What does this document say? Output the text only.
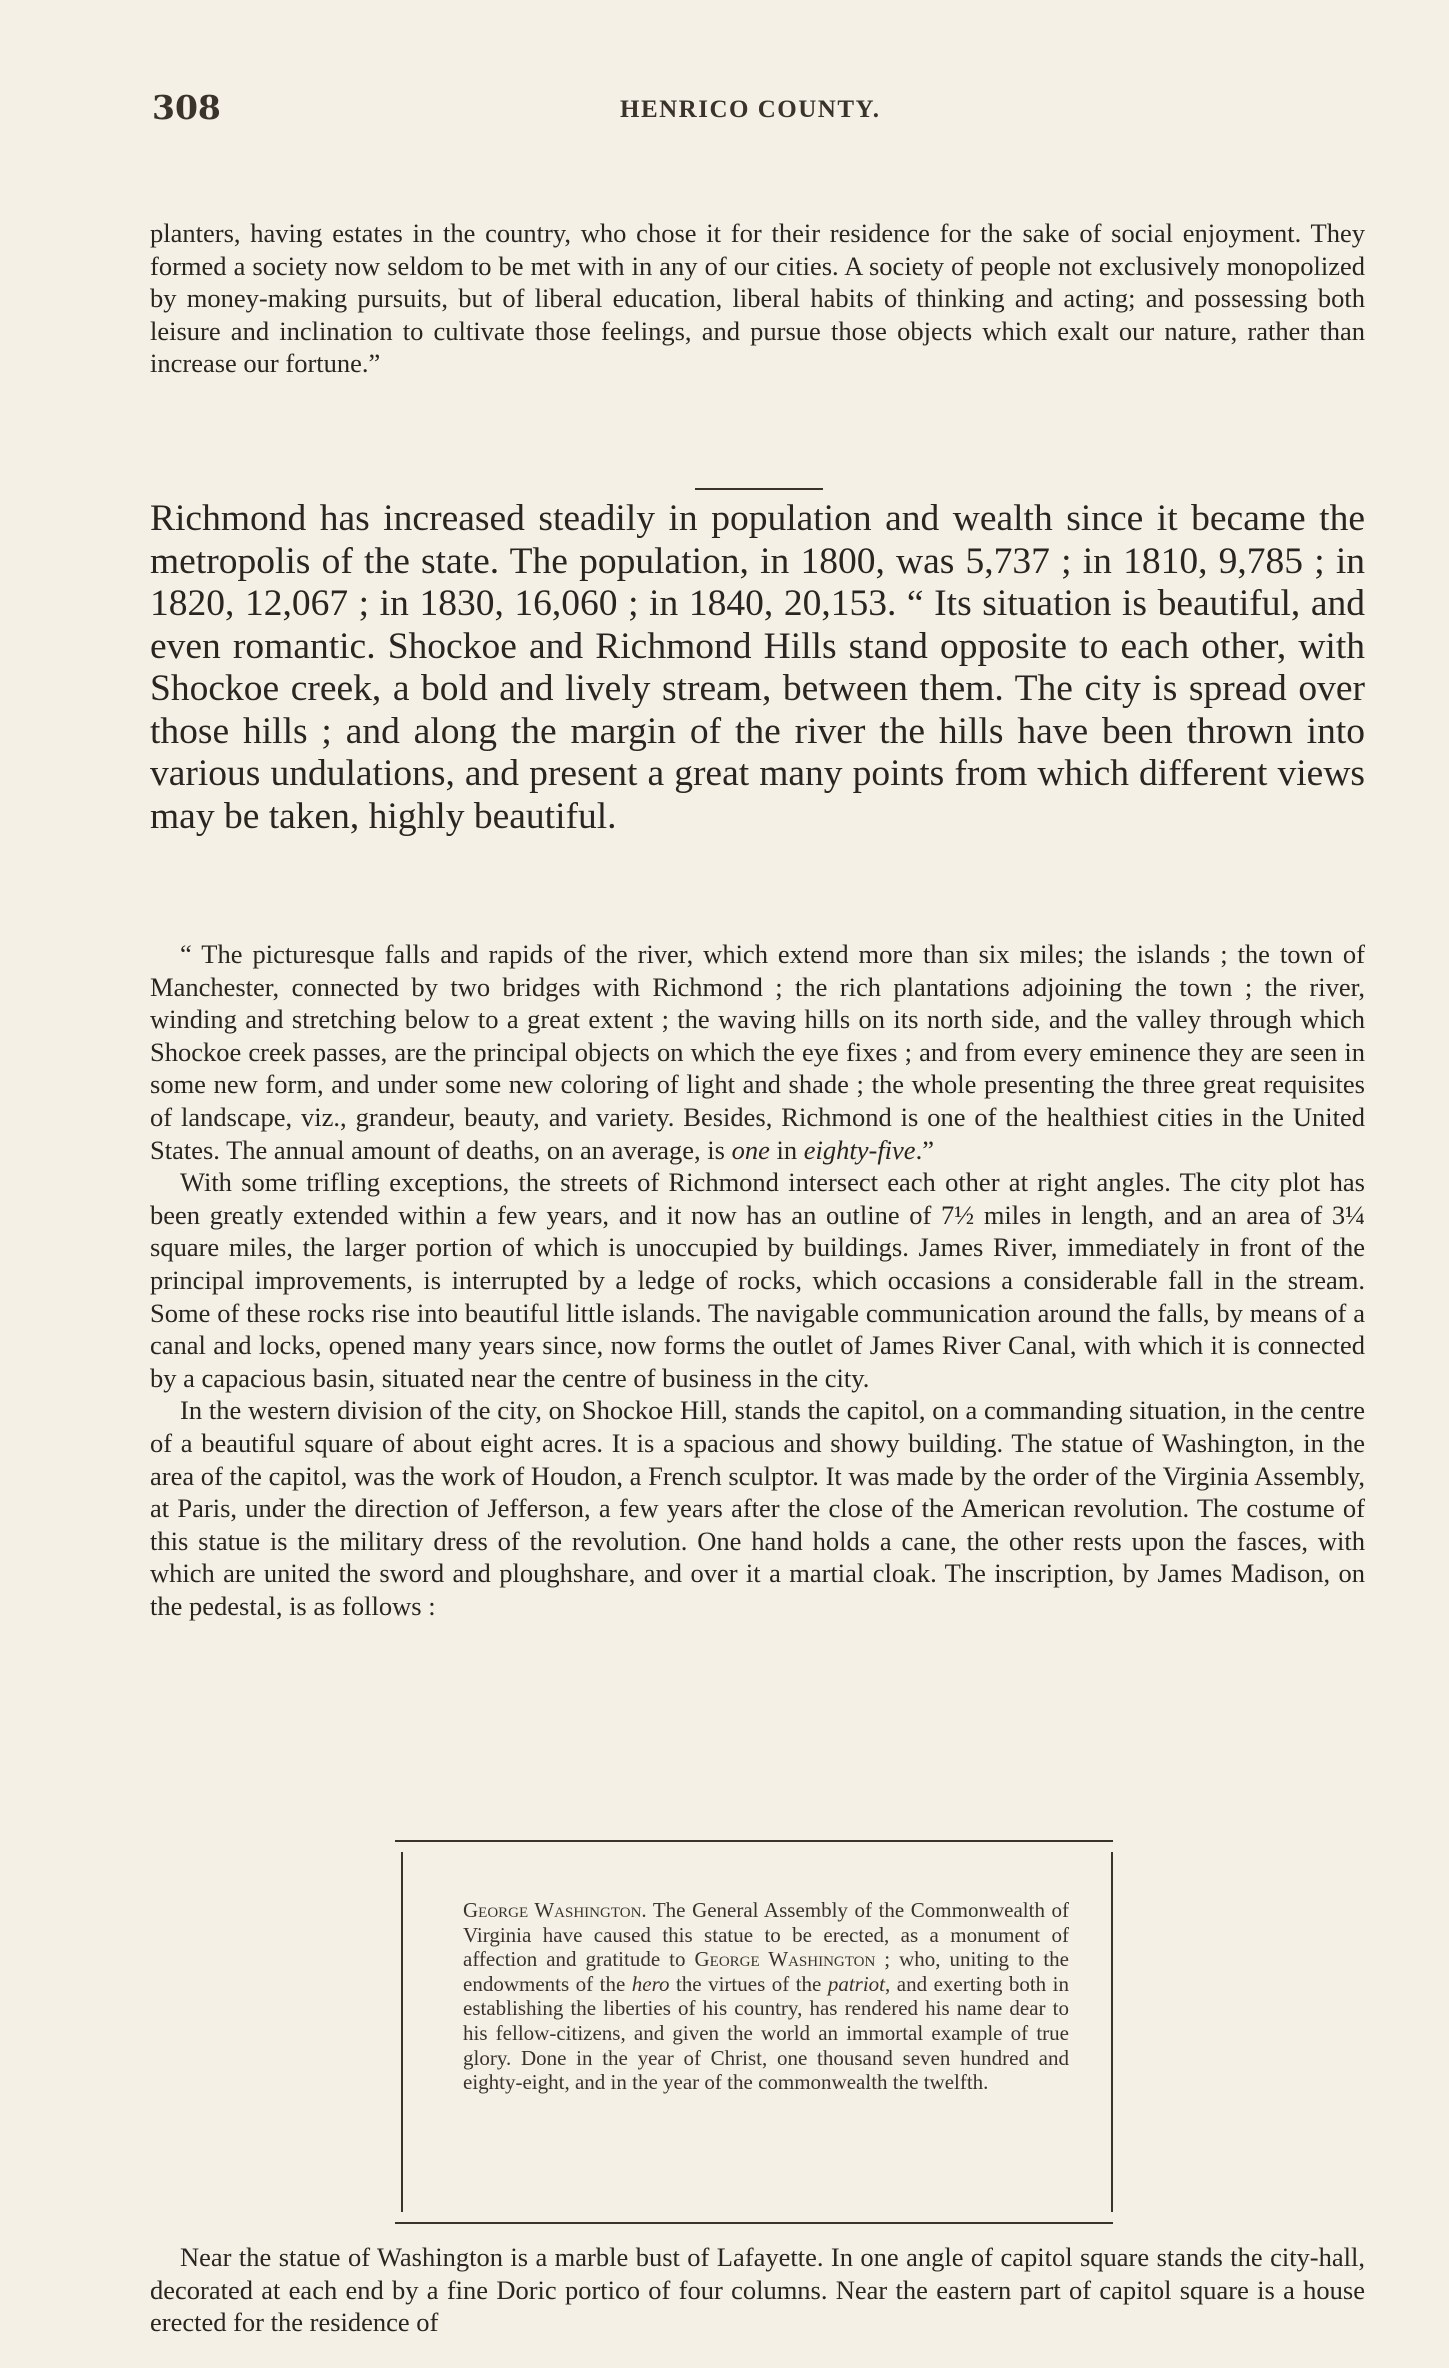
308	HENRICO COUNTY.

planters, having estates in the country, who chose it for their residence for the sake of social enjoyment. They formed a society now seldom to be met with in any of our cities. A society of people not exclusively monopolized by money-making pursuits, but of liberal education, liberal habits of thinking and acting; and possessing both leisure and inclination to cultivate those feelings, and pursue those objects which exalt our nature, rather than increase our fortune.”

Richmond has increased steadily in population and wealth since it became the metropolis of the state. The population, in 1800, was 5,737 ; in 1810, 9,785 ; in 1820, 12,067 ; in 1830, 16,060 ; in 1840, 20,153. “ Its situation is beautiful, and even romantic. Shockoe and Richmond Hills stand opposite to each other, with Shockoe creek, a bold and lively stream, between them. The city is spread over those hills ; and along the margin of the river the hills have been thrown into various undulations, and present a great many points from which different views may be taken, highly beautiful.

“ The picturesque falls and rapids of the river, which extend more than six miles; the islands ; the town of Manchester, connected by two bridges with Richmond ; the rich plantations adjoining the town ; the river, winding and stretching below to a great extent ; the waving hills on its north side, and the valley through which Shockoe creek passes, are the principal objects on which the eye fixes ; and from every eminence they are seen in some new form, and under some new coloring of light and shade ; the whole presenting the three great requisites of landscape, viz., grandeur, beauty, and variety. Besides, Richmond is one of the healthiest cities in the United States. The annual amount of deaths, on an average, is one in eighty-five.”

With some trifling exceptions, the streets of Richmond intersect each other at right angles. The city plot has been greatly extended within a few years, and it now has an outline of 7½ miles in length, and an area of 3¼ square miles, the larger portion of which is unoccupied by buildings. James River, immediately in front of the principal improvements, is interrupted by a ledge of rocks, which occasions a considerable fall in the stream. Some of these rocks rise into beautiful little islands. The navigable communication around the falls, by means of a canal and locks, opened many years since, now forms the outlet of James River Canal, with which it is connected by a capacious basin, situated near the centre of business in the city.

In the western division of the city, on Shockoe Hill, stands the capitol, on a commanding situation, in the centre of a beautiful square of about eight acres. It is a spacious and showy building. The statue of Washington, in the area of the capitol, was the work of Houdon, a French sculptor. It was made by the order of the Virginia Assembly, at Paris, under the direction of Jefferson, a few years after the close of the American revolution. The costume of this statue is the military dress of the revolution. One hand holds a cane, the other rests upon the fasces, with which are united the sword and ploughshare, and over it a martial cloak. The inscription, by James Madison, on the pedestal, is as follows :

George Washington. The General Assembly of the Commonwealth of Virginia have caused this statue to be erected, as a monument of affection and gratitude to George Washington ; who, uniting to the endowments of the hero the virtues of the patriot, and exerting both in establishing the liberties of his country, has rendered his name dear to his fellow-citizens, and given the world an immortal example of true glory. Done in the year of Christ, one thousand seven hundred and eighty-eight, and in the year of the commonwealth the twelfth.

Near the statue of Washington is a marble bust of Lafayette. In one angle of capitol square stands the city-hall, decorated at each end by a fine Doric portico of four columns. Near the eastern part of capitol square is a house erected for the residence of
